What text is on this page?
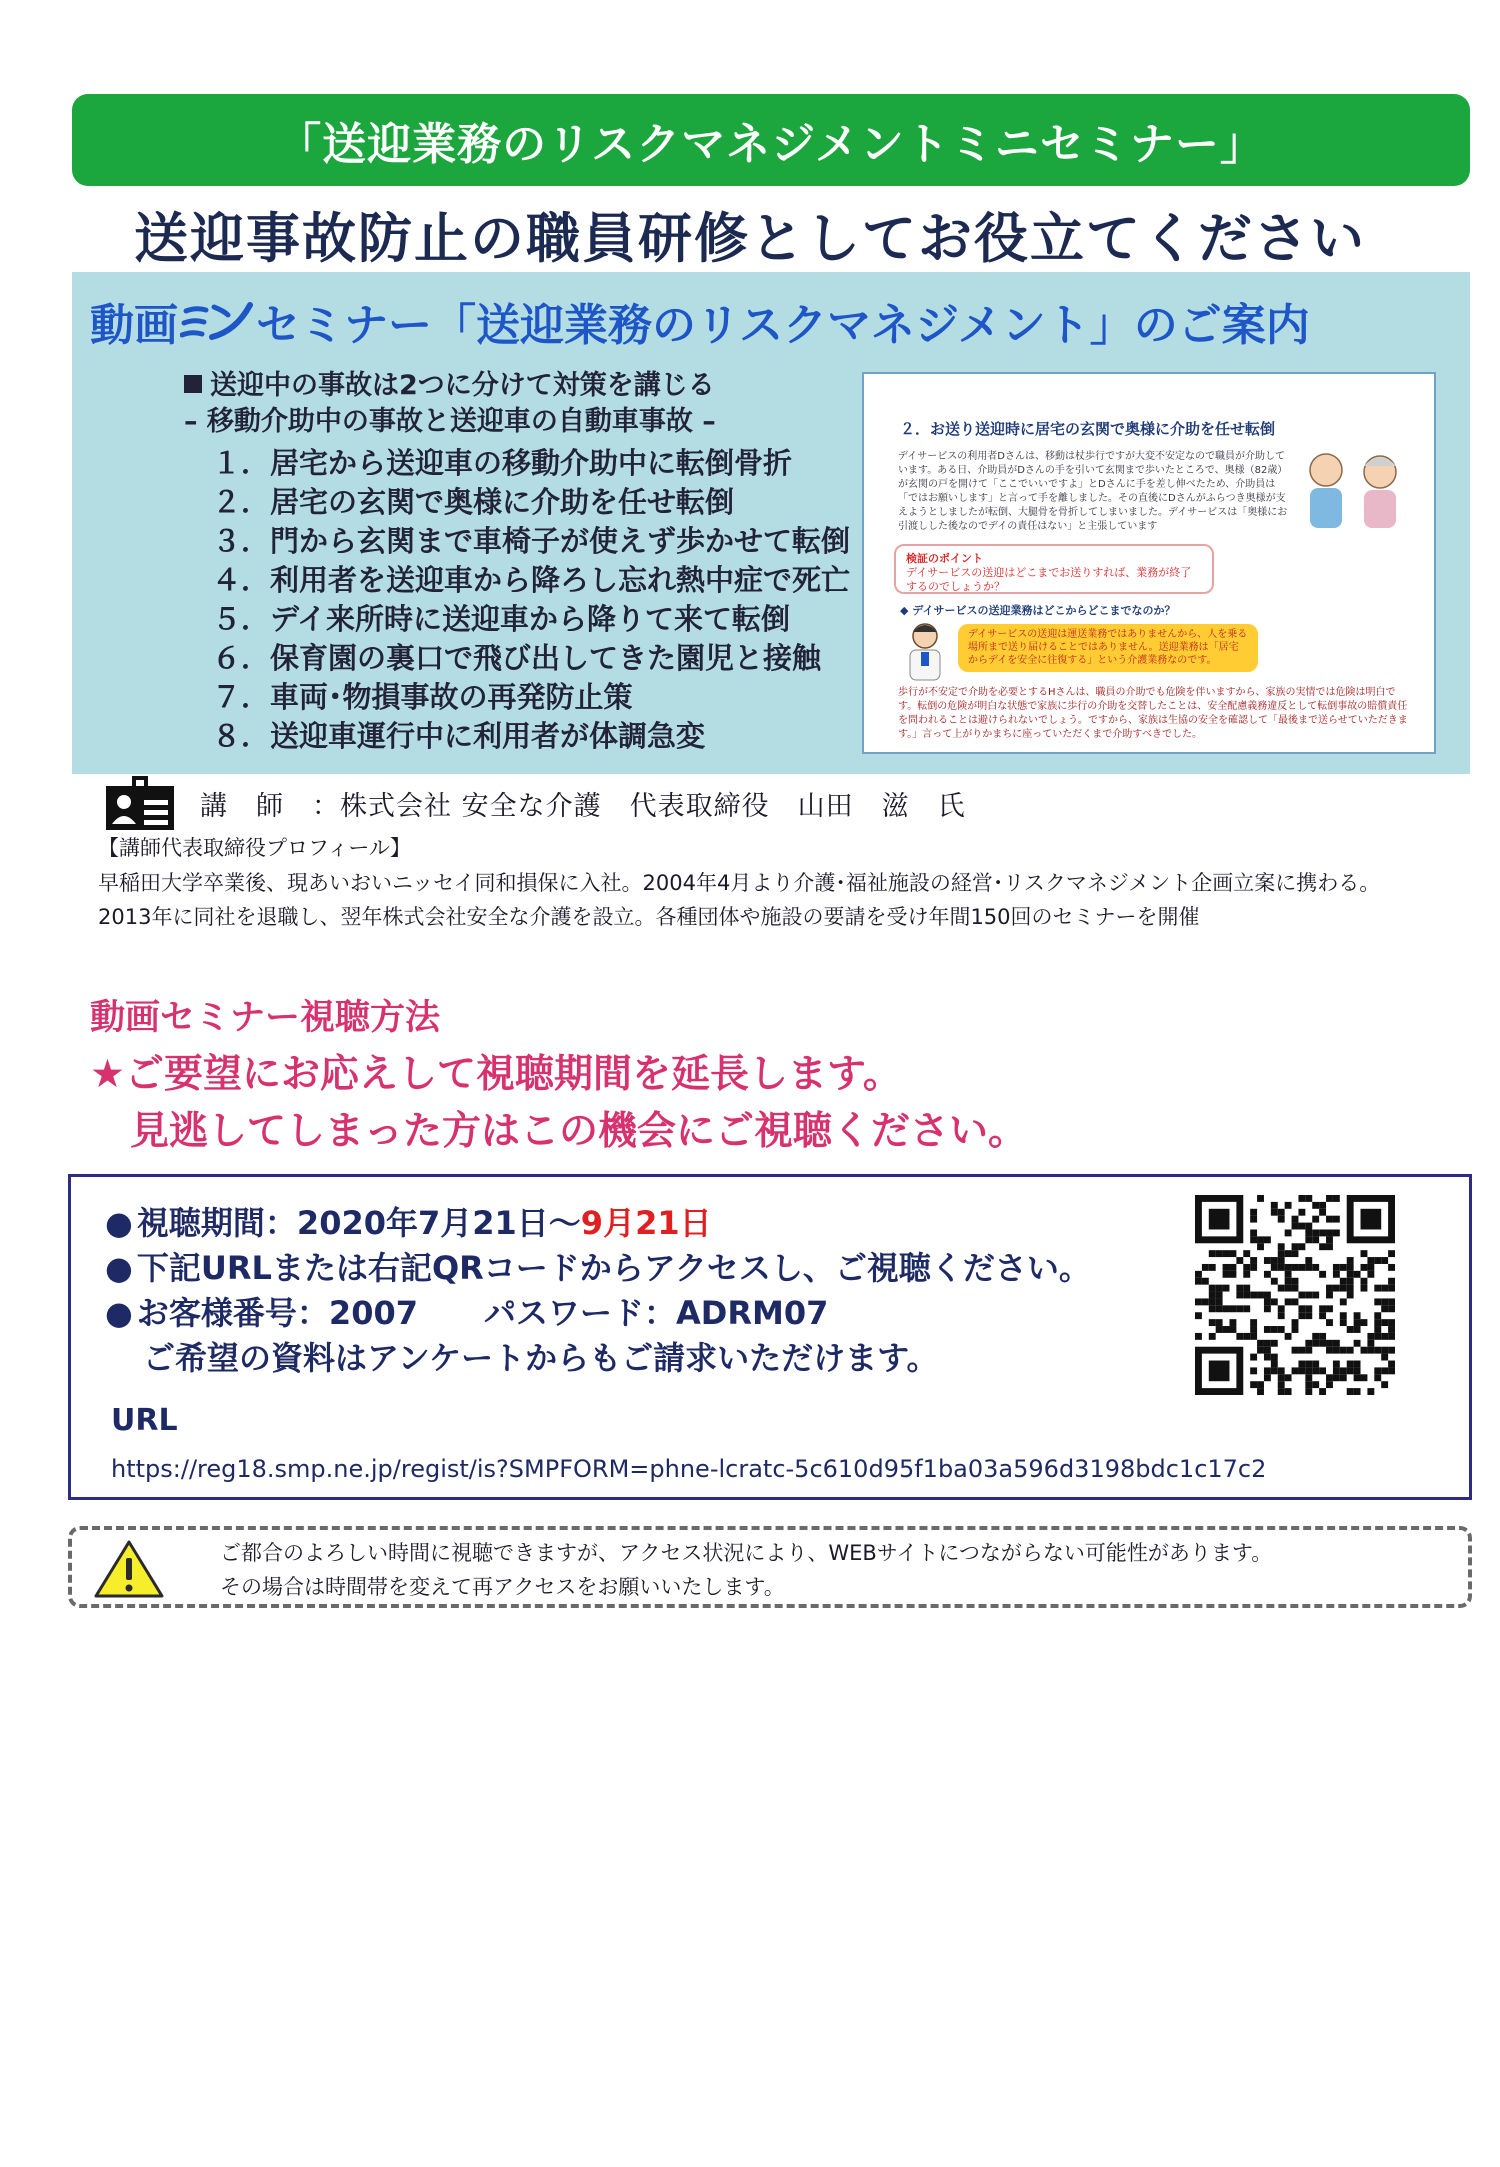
「送迎業務のリスクマネジメントミニセミナー」
送迎事故防止の職員研修としてお役立てください
動画
ミニ
セミナー「送迎業務のリスクマネジメント」のご案内
送迎中の事故は2つに分けて対策を講じる
– 移動介助中の事故と送迎車の自動車事故 –
１．居宅から送迎車の移動介助中に転倒骨折
２．居宅の玄関で奥様に介助を任せ転倒
３．門から玄関まで車椅子が使えず歩かせて転倒
４．利用者を送迎車から降ろし忘れ熱中症で死亡
５．デイ来所時に送迎車から降りて来て転倒
６．保育園の裏口で飛び出してきた園児と接触
７．車両･物損事故の再発防止策
８．送迎車運行中に利用者が体調急変
２．お送り送迎時に居宅の玄関で奥様に介助を任せ転倒
デイサービスの利用者Dさんは、移動は杖歩行ですが大変不安定なので職員が介助しています。ある日、介助員がDさんの手を引いて玄関まで歩いたところで、奥様（82歳）が玄関の戸を開けて「ここでいいですよ」とDさんに手を差し伸べたため、介助員は「ではお願いします」と言って手を離しました。その直後にDさんがふらつき奥様が支えようとしましたが転倒、大腿骨を骨折してしまいました。デイサービスは「奥様にお引渡しした後なのでデイの責任はない」と主張しています
検証のポイント
デイサービスの送迎はどこまでお送りすれば、業務が終了するのでしょうか？
◆ デイサービスの送迎業務はどこからどこまでなのか？
デイサービスの送迎は運送業務ではありませんから、人を乗る場所まで送り届けることではありません。送迎業務は「居宅からデイを安全に往復する」という介護業務なのです。
歩行が不安定で介助を必要とするHさんは、職員の介助でも危険を伴いますから、家族の実情では危険は明白です。転倒の危険が明白な状態で家族に歩行の介助を交替したことは、安全配慮義務違反として転倒事故の賠償責任を問われることは避けられないでしょう。ですから、家族は生協の安全を確認して「最後まで送らせていただきます。」言って上がりかまちに座っていただくまで介助すべきでした。
講　師　：株式会社 安全な介護　代表取締役　山田　滋　氏
【講師代表取締役プロフィール】
早稲田大学卒業後、現あいおいニッセイ同和損保に入社。2004年4月より介護･福祉施設の経営･リスクマネジメント企画立案に携わる。
2013年に同社を退職し、翌年株式会社安全な介護を設立。各種団体や施設の要請を受け年間150回のセミナーを開催
動画セミナー視聴方法
★ご要望にお応えして視聴期間を延長します。
見逃してしまった方はこの機会にご視聴ください。
● 視聴期間：2020年7月21日～9月21日
● 下記URLまたは右記QRコードからアクセスし、ご視聴ください。
● お客様番号：2007 パスワード：ADRM07
ご希望の資料はアンケートからもご請求いただけます。
URL
https://reg18.smp.ne.jp/regist/is?SMPFORM=phne-lcratc-5c610d95f1ba03a596d3198bdc1c17c2
ご都合のよろしい時間に視聴できますが、アクセス状況により、WEBサイトにつながらない可能性があります。
その場合は時間帯を変えて再アクセスをお願いいたします。
